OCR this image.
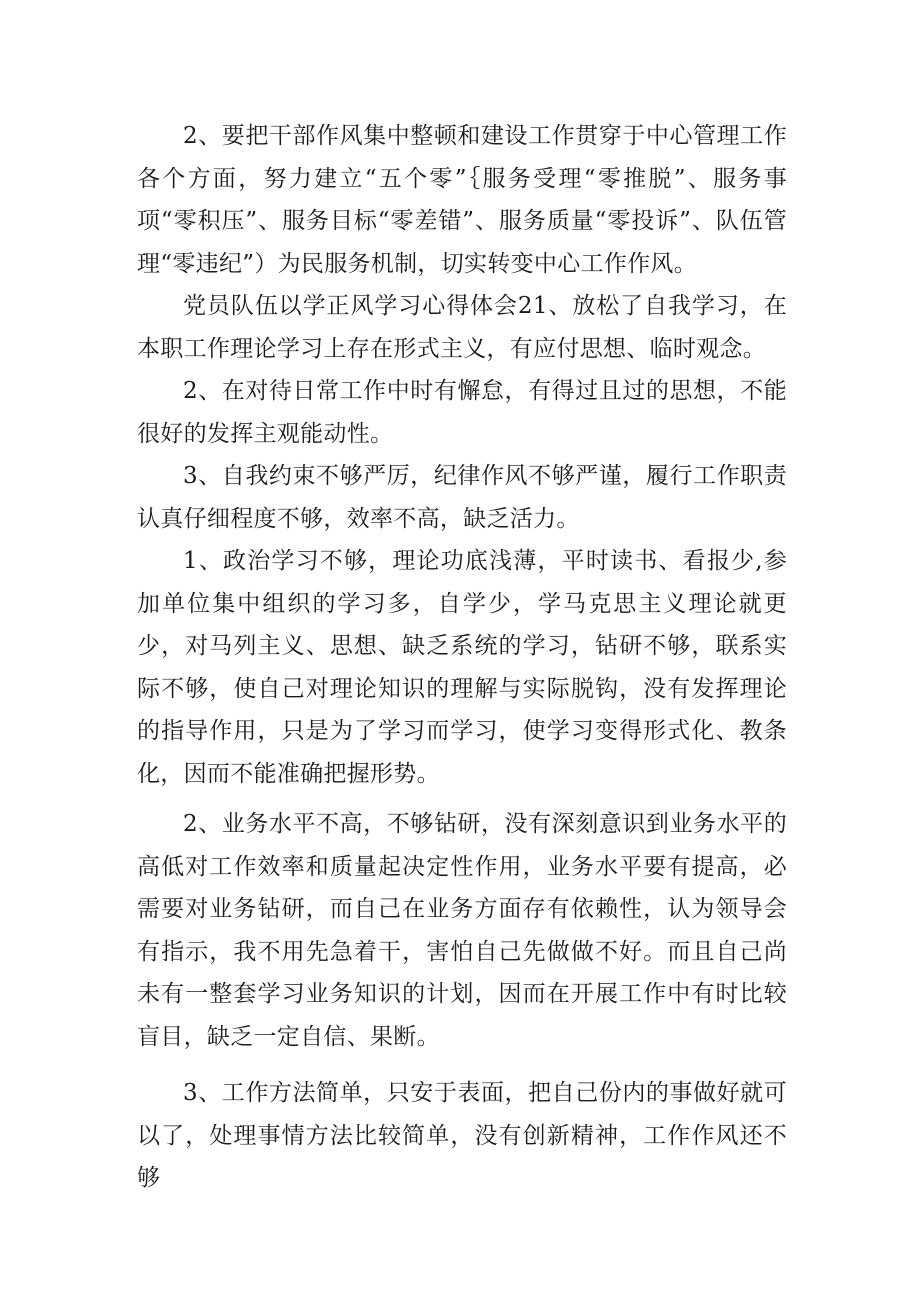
2、要把干部作风集中整顿和建设工作贯穿于中心管理工作各个方面，努力建立“五个零”｛服务受理“零推脱”、服务事项“零积压”、服务目标“零差错”、服务质量“零投诉”、队伍管理“零违纪”）为民服务机制，切实转变中心工作作风。

党员队伍以学正风学习心得体会21、放松了自我学习，在本职工作理论学习上存在形式主义，有应付思想、临时观念。

2、在对待日常工作中时有懈怠，有得过且过的思想，不能很好的发挥主观能动性。

3、自我约束不够严厉，纪律作风不够严谨，履行工作职责认真仔细程度不够，效率不高，缺乏活力。

1、政治学习不够，理论功底浅薄，平时读书、看报少,参加单位集中组织的学习多，自学少，学马克思主义理论就更少，对马列主义、思想、缺乏系统的学习，钻研不够，联系实际不够，使自己对理论知识的理解与实际脱钩，没有发挥理论的指导作用，只是为了学习而学习，使学习变得形式化、教条化，因而不能准确把握形势。

2、业务水平不高，不够钻研，没有深刻意识到业务水平的高低对工作效率和质量起决定性作用，业务水平要有提高，必需要对业务钻研，而自己在业务方面存有依赖性，认为领导会有指示，我不用先急着干，害怕自己先做做不好。而且自己尚未有一整套学习业务知识的计划，因而在开展工作中有时比较盲目，缺乏一定自信、果断。

3、工作方法简单，只安于表面，把自己份内的事做好就可以了，处理事情方法比较简单，没有创新精神，工作作风还不够
